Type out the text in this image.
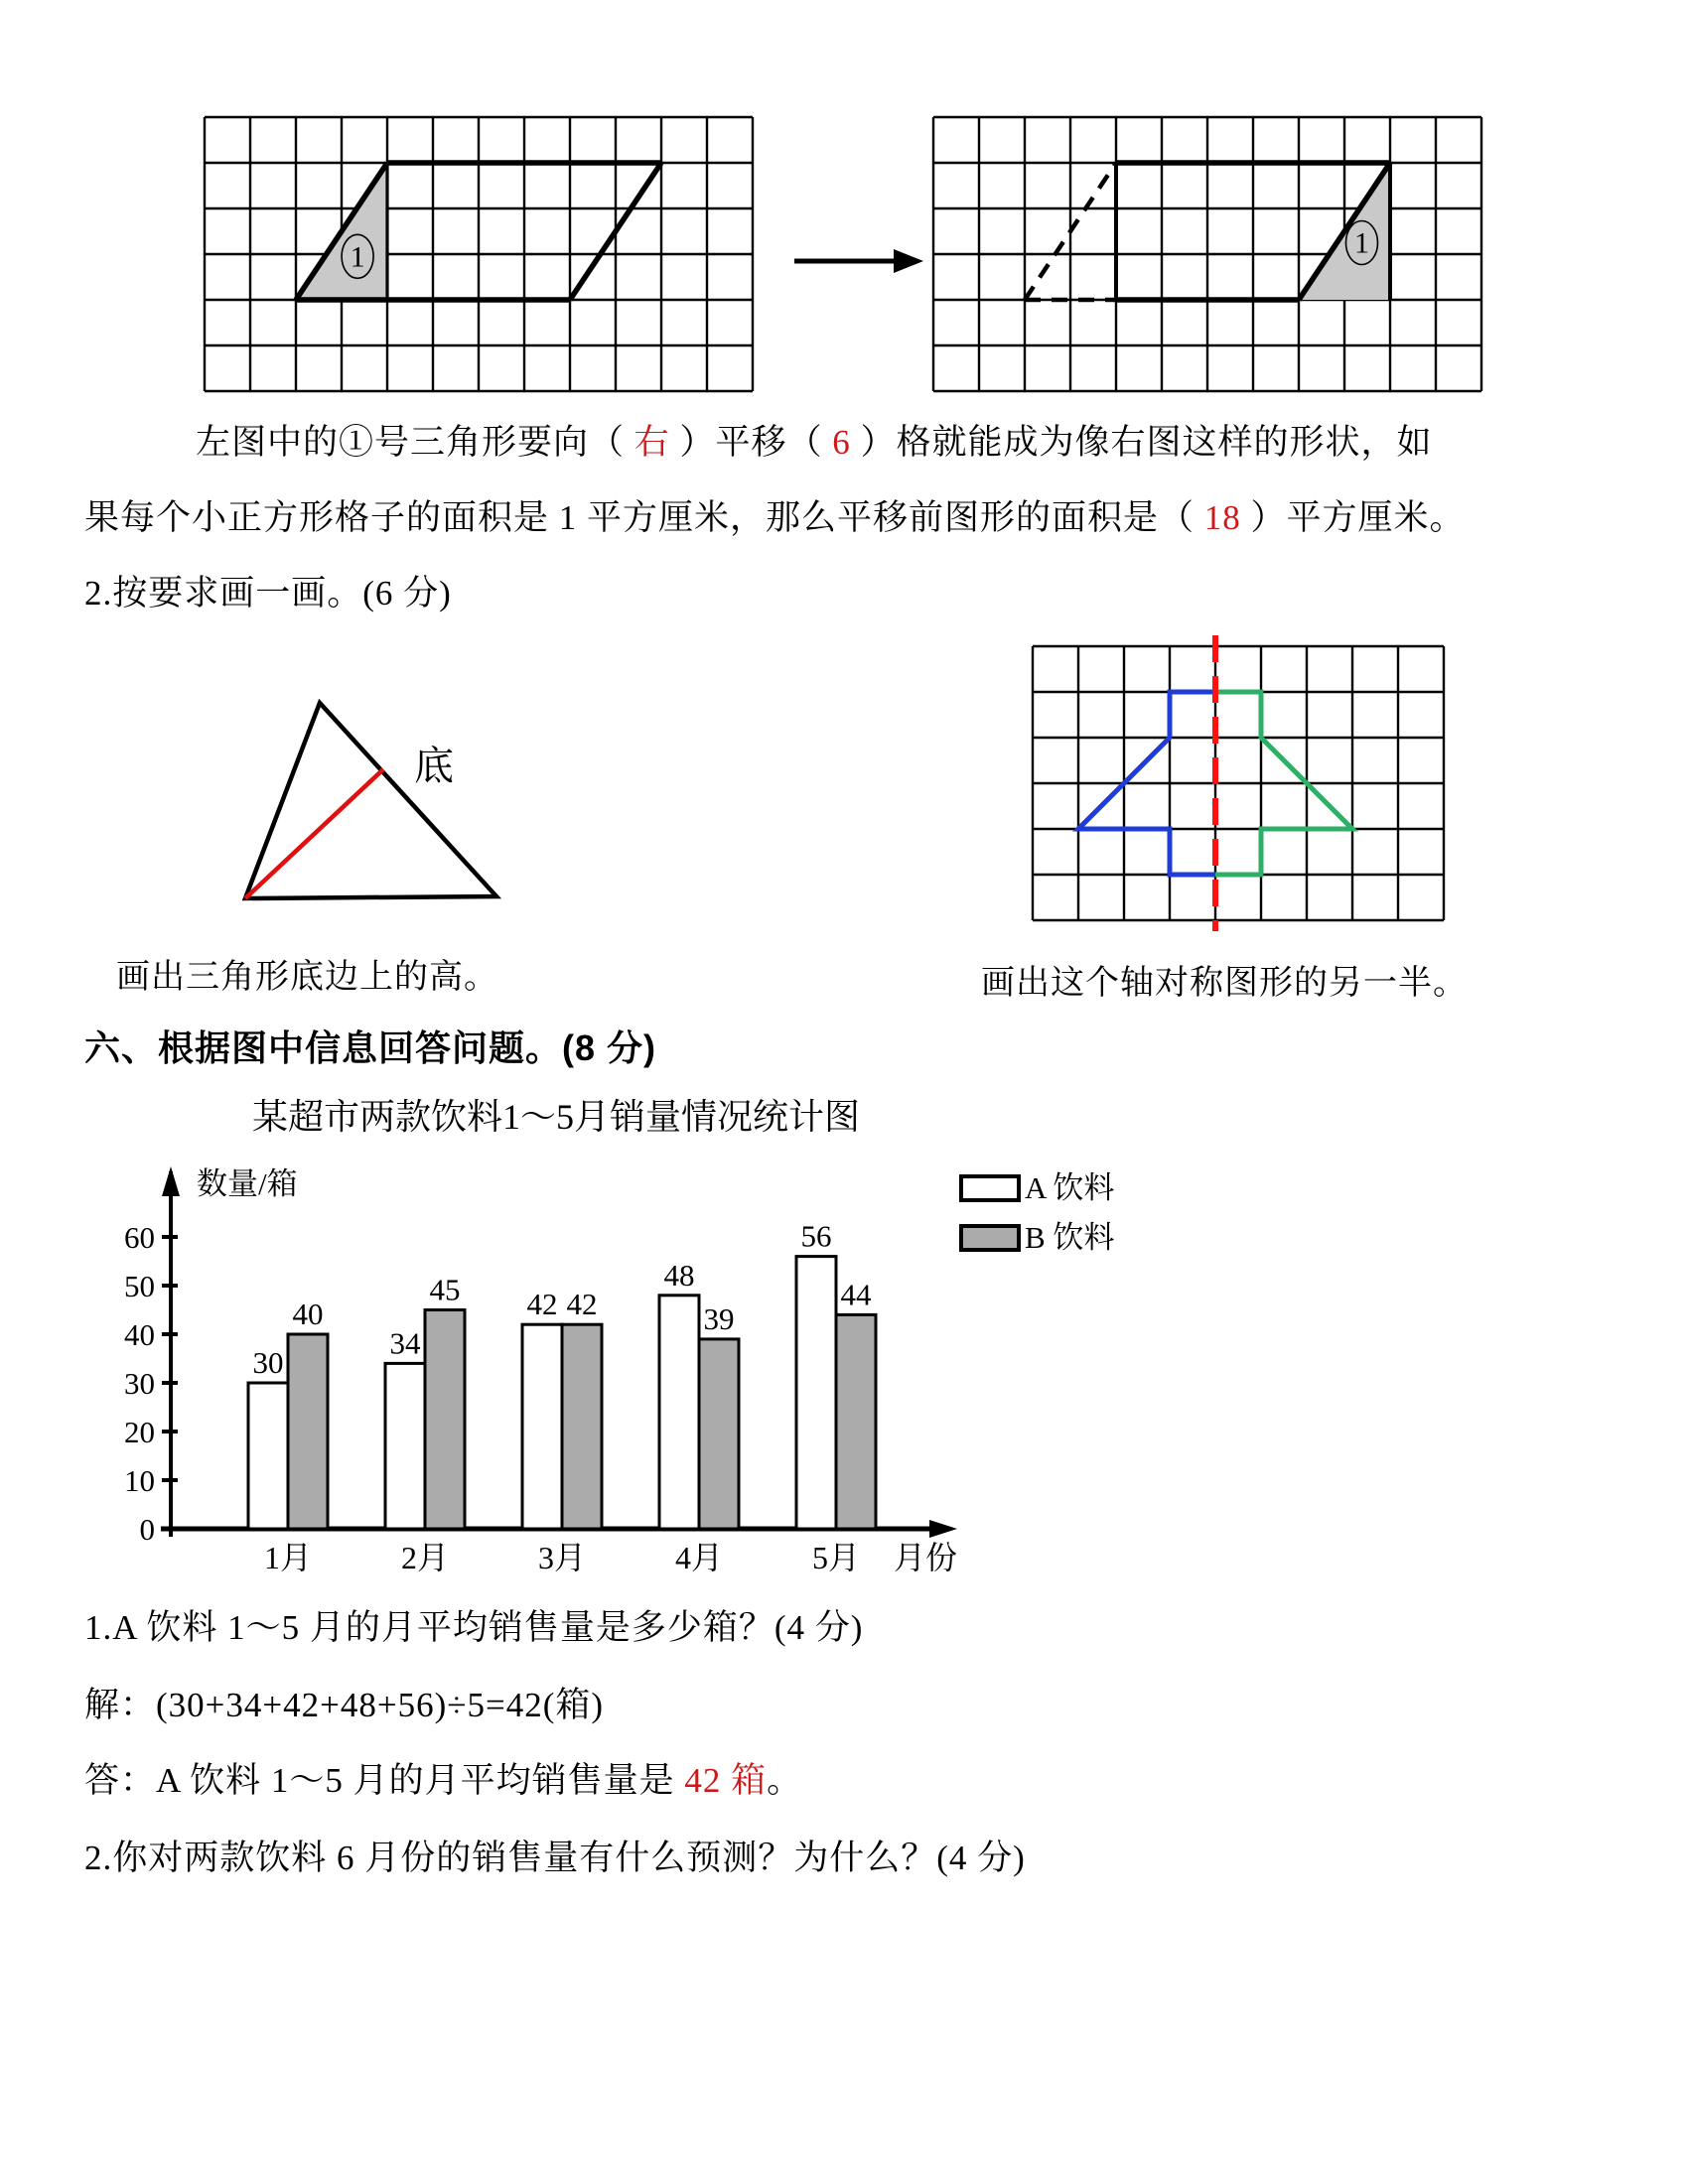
1	1
左图中的①号三角形要向（ 右 ）平移（ 6 ）格就能成为像右图这样的形状，如
果每个小正方形格子的面积是 1 平方厘米，那么平移前图形的面积是（ 18 ）平方厘米。
2.按要求画一画。(6 分)
底
画出三角形底边上的高。	画出这个轴对称图形的另一半。
六、根据图中信息回答问题。(8 分)
某超市两款饮料1～5月销量情况统计图
数量/箱
0
10
20
30
40
50
60
30
40
1月
34
45
2月
42 42
3月
48
39
4月
56
44
5月 月份
A 饮料
B 饮料
1.A 饮料 1～5 月的月平均销售量是多少箱？(4 分)
解：(30+34+42+48+56)÷5=42(箱)
答：A 饮料 1～5 月的月平均销售量是 42 箱。
2.你对两款饮料 6 月份的销售量有什么预测？为什么？(4 分)
